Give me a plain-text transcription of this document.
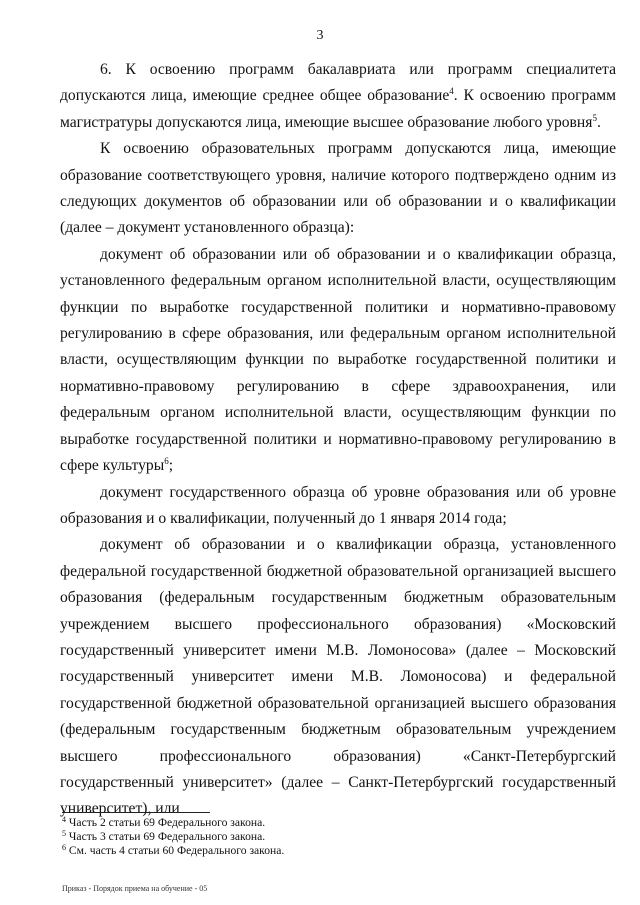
3

6. К освоению программ бакалавриата или программ специалитета допускаются лица, имеющие среднее общее образование$^4$. К освоению программ магистратуры допускаются лица, имеющие высшее образование любого уровня$^5$.

К освоению образовательных программ допускаются лица, имеющие образование соответствующего уровня, наличие которого подтверждено одним из следующих документов об образовании или об образовании и о квалификации (далее – документ установленного образца):

документ об образовании или об образовании и о квалификации образца, установленного федеральным органом исполнительной власти, осуществляющим функции по выработке государственной политики и нормативно-правовому регулированию в сфере образования, или федеральным органом исполнительной власти, осуществляющим функции по выработке государственной политики и нормативно-правовому регулированию в сфере здравоохранения, или федеральным органом исполнительной власти, осуществляющим функции по выработке государственной политики и нормативно-правовому регулированию в сфере культуры$^6$;

документ государственного образца об уровне образования или об уровне образования и о квалификации, полученный до 1 января 2014 года;

документ об образовании и о квалификации образца, установленного федеральной государственной бюджетной образовательной организацией высшего образования (федеральным государственным бюджетным образовательным учреждением высшего профессионального образования) «Московский государственный университет имени М.В. Ломоносова» (далее – Московский государственный университет имени М.В. Ломоносова) и федеральной государственной бюджетной образовательной организацией высшего образования (федеральным государственным бюджетным образовательным учреждением высшего профессионального образования) «Санкт-Петербургский государственный университет» (далее – Санкт-Петербургский государственный университет), или

$^4$ Часть 2 статьи 69 Федерального закона.

$^5$ Часть 3 статьи 69 Федерального закона.

$^6$ См. часть 4 статьи 60 Федерального закона.

Приказ - Порядок приема на обучение - 05
